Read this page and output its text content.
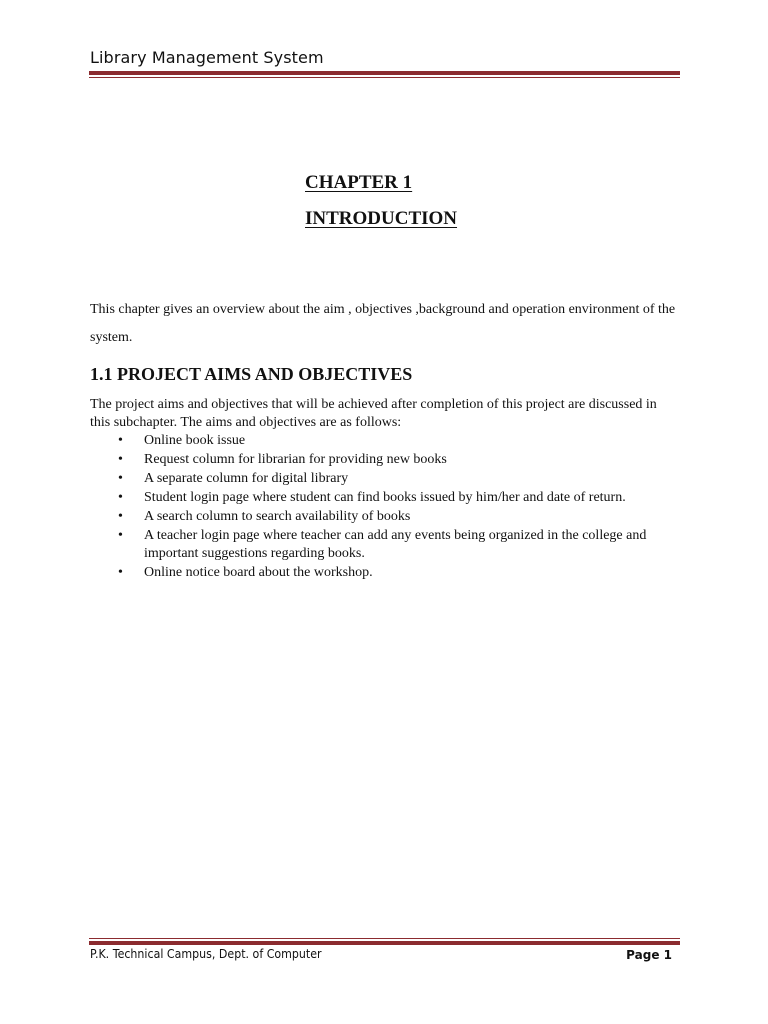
Library Management System
CHAPTER 1
INTRODUCTION

This chapter gives an overview about the aim , objectives ,background and operation environment of the system.

1.1 PROJECT AIMS AND OBJECTIVES

The project aims and objectives that will be achieved after completion of this project are discussed in this subchapter. The aims and objectives are as follows:

• Online book issue
• Request column for librarian for providing new books
• A separate column for digital library
• Student login page where student can find books issued by him/her and date of return.
• A search column to search availability of books
• A teacher login page where teacher can add any events being organized in the college and important suggestions regarding books.
• Online notice board about the workshop.
P.K. Technical Campus, Dept. of Computer	Page 1
